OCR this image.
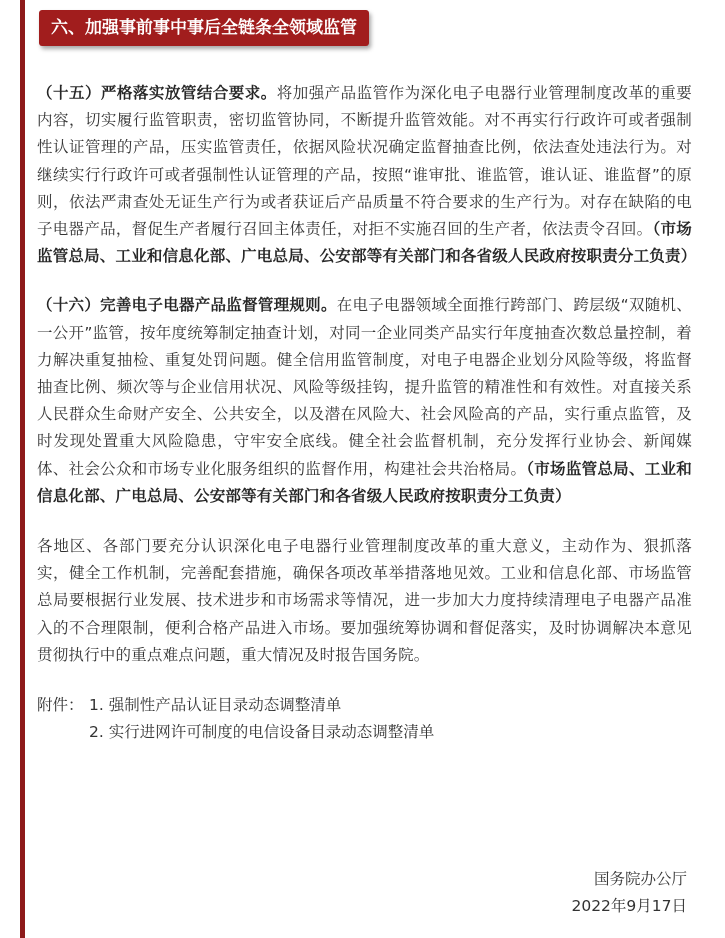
六、加强事前事中事后全链条全领域监管

（十五）严格落实放管结合要求。将加强产品监管作为深化电子电器行业管理制度改革的重要内容，切实履行监管职责，密切监管协同，不断提升监管效能。对不再实行行政许可或者强制性认证管理的产品，压实监管责任，依据风险状况确定监督抽查比例，依法查处违法行为。对继续实行行政许可或者强制性认证管理的产品，按照“谁审批、谁监管，谁认证、谁监督”的原则，依法严肃查处无证生产行为或者获证后产品质量不符合要求的生产行为。对存在缺陷的电子电器产品，督促生产者履行召回主体责任，对拒不实施召回的生产者，依法责令召回。（市场监管总局、工业和信息化部、广电总局、公安部等有关部门和各省级人民政府按职责分工负责）

（十六）完善电子电器产品监督管理规则。在电子电器领域全面推行跨部门、跨层级“双随机、一公开”监管，按年度统筹制定抽查计划，对同一企业同类产品实行年度抽查次数总量控制，着力解决重复抽检、重复处罚问题。健全信用监管制度，对电子电器企业划分风险等级，将监督抽查比例、频次等与企业信用状况、风险等级挂钩，提升监管的精准性和有效性。对直接关系人民群众生命财产安全、公共安全，以及潜在风险大、社会风险高的产品，实行重点监管，及时发现处置重大风险隐患，守牢安全底线。健全社会监督机制，充分发挥行业协会、新闻媒体、社会公众和市场专业化服务组织的监督作用，构建社会共治格局。（市场监管总局、工业和信息化部、广电总局、公安部等有关部门和各省级人民政府按职责分工负责）

各地区、各部门要充分认识深化电子电器行业管理制度改革的重大意义，主动作为、狠抓落实，健全工作机制，完善配套措施，确保各项改革举措落地见效。工业和信息化部、市场监管总局要根据行业发展、技术进步和市场需求等情况，进一步加大力度持续清理电子电器产品准入的不合理限制，便利合格产品进入市场。要加强统筹协调和督促落实，及时协调解决本意见贯彻执行中的重点难点问题，重大情况及时报告国务院。

附件： 1. 强制性产品认证目录动态调整清单
2. 实行进网许可制度的电信设备目录动态调整清单
国务院办公厅
2022年9月17日
